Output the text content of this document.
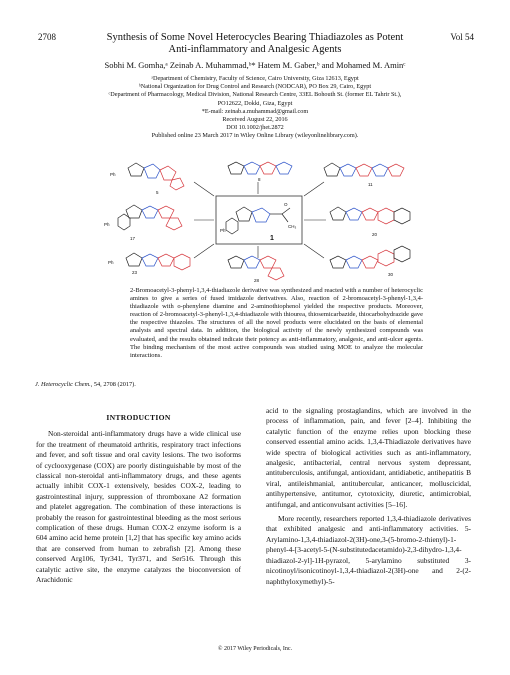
2708	Vol 54
Synthesis of Some Novel Heterocycles Bearing Thiadiazoles as Potent
Anti-inflammatory and Analgesic Agents
Sobhi M. Gomha,ᵃ Zeinab A. Muhammad,ᵇ* Hatem M. Gaber,ᵇ and Mohamed M. Aminᶜ
ᵃDepartment of Chemistry, Faculty of Science, Cairo University, Giza 12613, Egypt
ᵇNational Organization for Drug Control and Research (NODCAR), PO Box 29, Cairo, Egypt
ᶜDepartment of Pharmacology, Medical Division, National Research Centre, 33EL Bohouth St. (former EL Tahrir St.),
PO12622, Dokki, Giza, Egypt
*E-mail: zeinab.a.muhammad@gmail.com
Received August 22, 2016
DOI 10.1002/jhet.2872
Published online 23 March 2017 in Wiley Online Library (wileyonlinelibrary.com).
1
O
CH₃
Ph
5
Ph
8
11
17
Ph
20
23
Ph
28
30
2-Bromoacetyl-3-phenyl-1,3,4-thiadiazole derivative was synthesized and reacted with a number of heterocyclic amines to give a series of fused imidazole derivatives. Also, reaction of 2-bromoacetyl-3-phenyl-1,3,4-thiadiazole with o-phenylene diamine and 2-aminothiophenol yielded the respective products. Moreover, reaction of 2-bromoacetyl-3-phenyl-1,3,4-thiadiazole with thiourea, thiosemicarbazide, thiocarbohydrazide gave the respective thiazoles. The structures of all the novel products were elucidated on the basis of elemental analysis and spectral data. In addition, the biological activity of the newly synthesized compounds was evaluated, and the results obtained indicate their potency as anti-inflammatory, analgesic, and anti-ulcer agents. The binding mechanism of the most active compounds was studied using MOE to analyze the molecular interactions.
J. Heterocyclic Chem., 54, 2708 (2017).
INTRODUCTION

Non-steroidal anti-inflammatory drugs have a wide clinical use for the treatment of rheumatoid arthritis, respiratory tract infections and fever, and soft tissue and oral cavity lesions. The two isoforms of cyclooxygenase (COX) are poorly distinguishable by most of the classical non-steroidal anti-inflammatory drugs, and these agents actually inhibit COX-1 extensively, besides COX-2, leading to gastrointestinal injury, suppression of thromboxane A2 formation and platelet aggregation. The combination of these interactions is probably the reason for gastrointestinal bleeding as the most serious complication of these drugs. Human COX-2 enzyme isoform is a 604 amino acid heme protein [1,2] that has specific key amino acids that are conserved from human to zebrafish [2]. Among these conserved Arg106, Tyr341, Tyr371, and Ser516. Through this catalytic active site, the enzyme catalyzes the bioconversion of Arachidonic

acid to the signaling prostaglandins, which are involved in the process of inflammation, pain, and fever [2–4]. Inhibiting the catalytic function of the enzyme relies upon blocking these conserved essential amino acids. 1,3,4-Thiadiazole derivatives have wide spectra of biological activities such as anti-inflammatory, analgesic, antibacterial, central nervous system depressant, antituberculosis, antifungal, antioxidant, antidiabetic, antihepatitis B viral, antileishmanial, antitubercular, anticancer, molluscicidal, antihypertensive, antitumor, cytotoxicity, diuretic, antimicrobial, antifungal, and anticonvulsant activities [5–16].

More recently, researchers reported 1,3,4-thiadiazole derivatives that exhibited analgesic and anti-inflammatory activities. 5-Arylamino-1,3,4-thiadiazol-2(3H)-one,3-(5-bromo-2-thienyl)-1-phenyl-4-[3-acetyl-5-(N-substitutedacetamido)-2,3-dihydro-1,3,4-thiadiazol-2-yl]-1H-pyrazol, 5-arylamino substituted 3-nicotinoyl/isonicotinoyl-1,3,4-thiadiazol-2(3H)-one and 2-(2-naphthyloxymethyl)-5-

© 2017 Wiley Periodicals, Inc.
